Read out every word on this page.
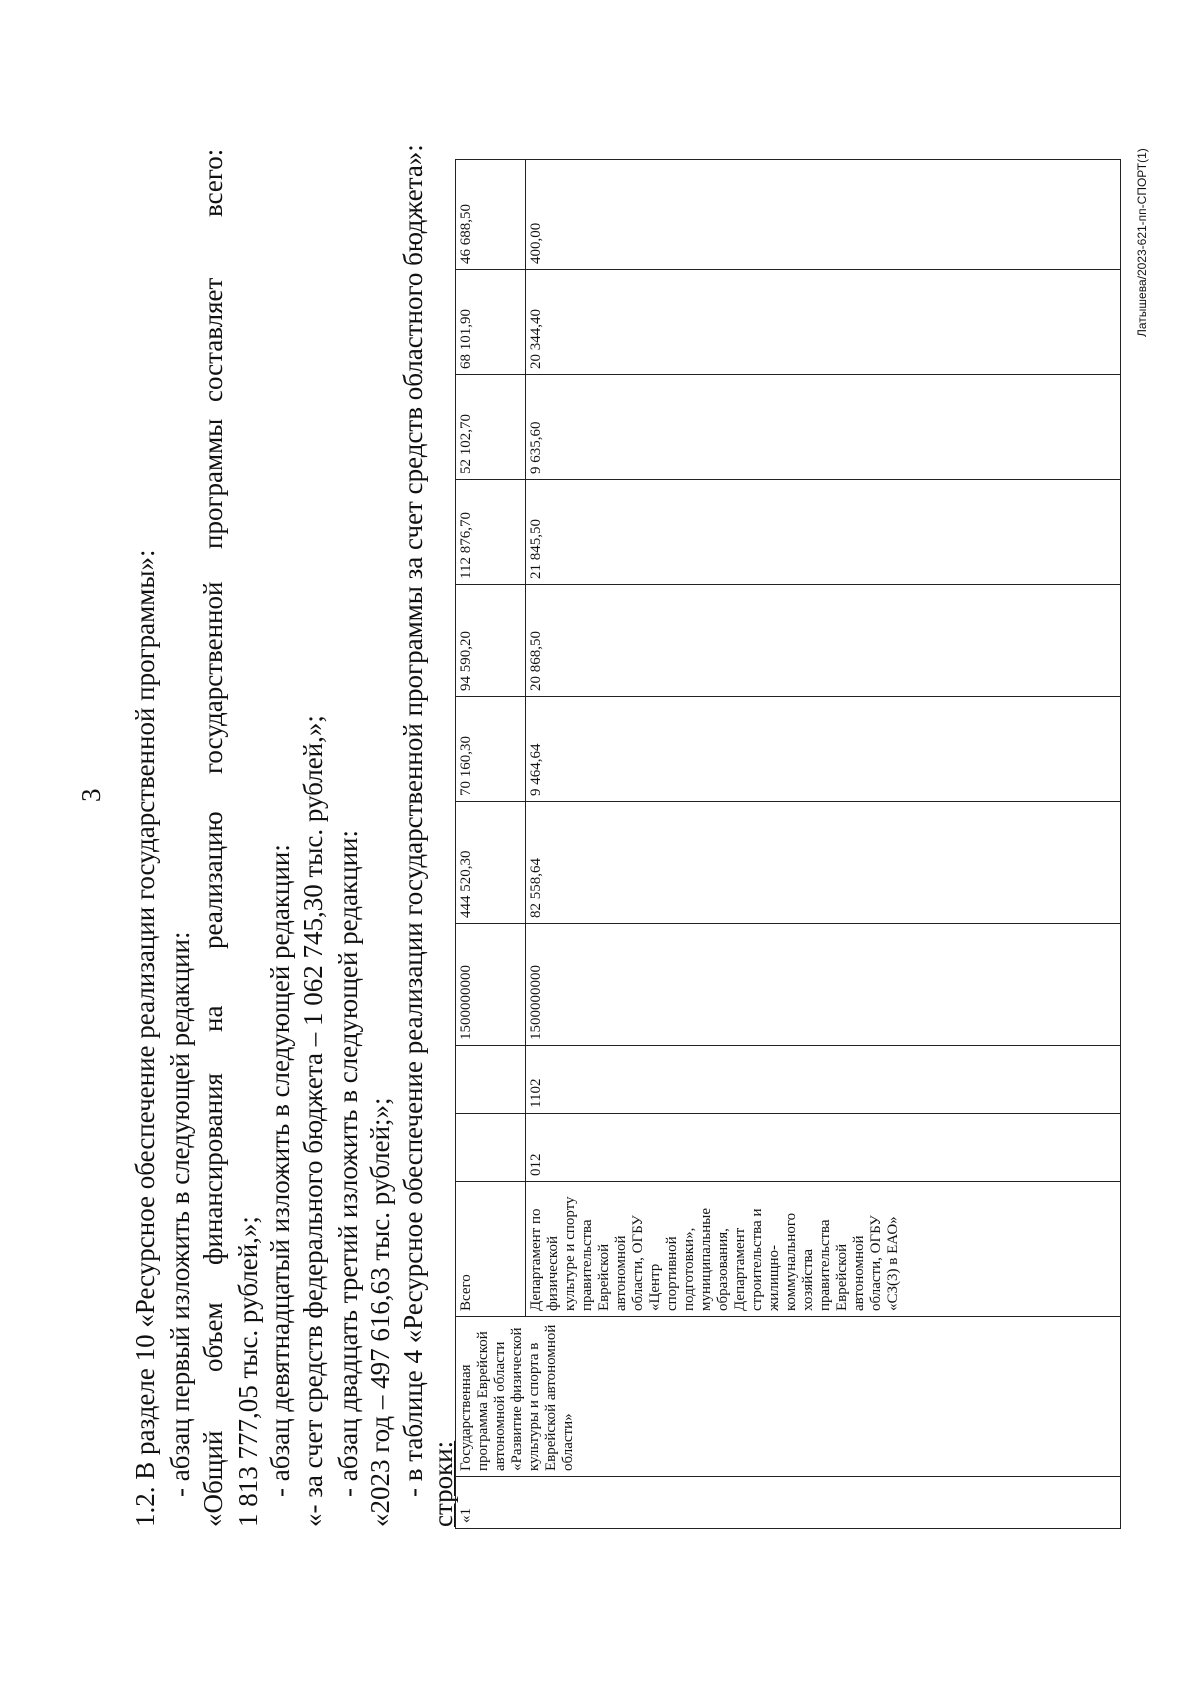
3 1.2. В разделе 10 «Ресурсное обеспечение реализации государственной программы»: - абзац первый изложить в следующей редакции: «Общий
объем
финансирования
на
реализацию
государственной
программы
составляет
всего:
1 813 777,05 тыс. рублей,»; - абзац девятнадцатый изложить в следующей редакции: «- за счет средств федерального бюджета – 1 062 745,30 тыс. рублей,»; - абзац двадцать третий изложить в следующей редакции: «2023 год – 497 616,63 тыс. рублей;»; - в таблице 4 «Ресурсное обеспечение реализации государственной программы за счет средств областного бюджета»: строки: «1	Государственная программа Еврейской автономной области «Развитие физической культуры и спорта в Еврейской автономной области»	Всего			1500000000	444 520,30	70 160,30	94 590,20	112 876,70	52 102,70	68 101,90	46 688,50
		Департамент по физической культуре и спорту правительства Еврейской автономной области, ОГБУ «Центр спортивной подготовки», муниципальные образования, Департамент строительства и жилищно-коммунального хозяйства правительства Еврейской автономной области, ОГБУ «СЗ(3) в ЕАО»	012	1102	1500000000	82 558,64	9 464,64	20 868,50	21 845,50	9 635,60	20 344,40	400,00	Латышева/2023-621-пп-СПОРТ(1)
